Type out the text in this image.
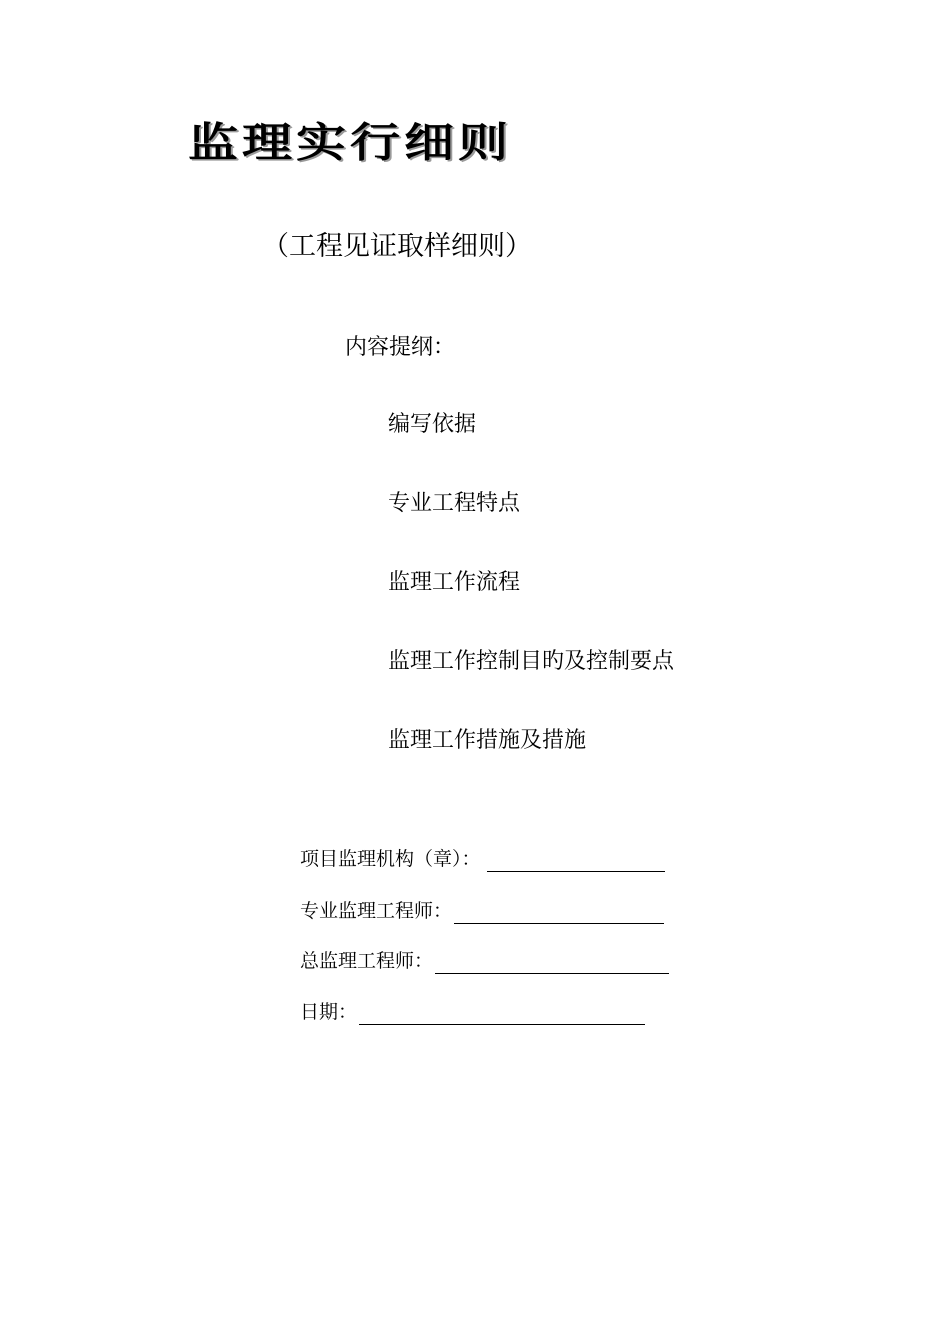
监理实行细则
（工程见证取样细则）
内容提纲：
编写依据
专业工程特点
监理工作流程
监理工作控制目旳及控制要点
监理工作措施及措施
项目监理机构（章）：
专业监理工程师：
总监理工程师：
日期：
